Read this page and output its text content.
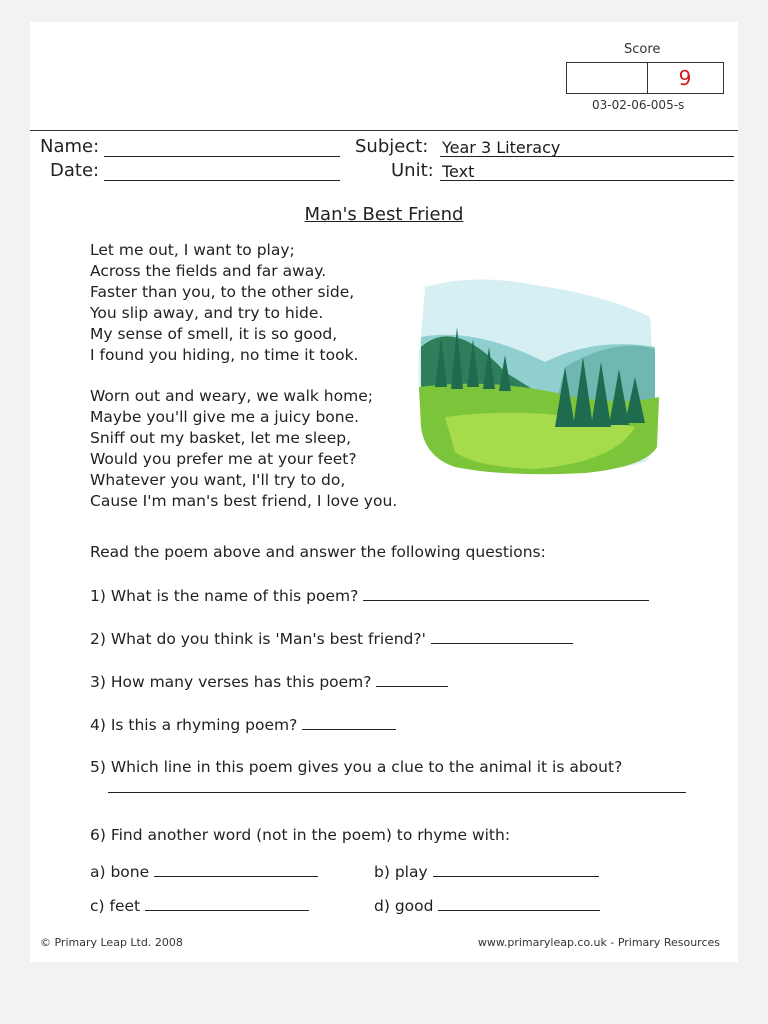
Score
9
03-02-06-005-s
Name:
Date:
Subject: Year 3 Literacy
Unit: Text
Man's Best Friend
Let me out, I want to play;
Across the fields and far away.
Faster than you, to the other side,
You slip away, and try to hide.
My sense of smell, it is so good,
I found you hiding, no time it took.
Worn out and weary, we walk home;
Maybe you'll give me a juicy bone.
Sniff out my basket, let me sleep,
Would you prefer me at your feet?
Whatever you want, I'll try to do,
Cause I'm man's best friend, I love you.
Read the poem above and answer the following questions:
1) What is the name of this poem?
2) What do you think is 'Man's best friend?'
3) How many verses has this poem?
4) Is this a rhyming poem?
5) Which line in this poem gives you a clue to the animal it is about?
6) Find another word (not in the poem) to rhyme with:
a) bone	b) play
c) feet	d) good
© Primary Leap Ltd. 2008	www.primaryleap.co.uk - Primary Resources
